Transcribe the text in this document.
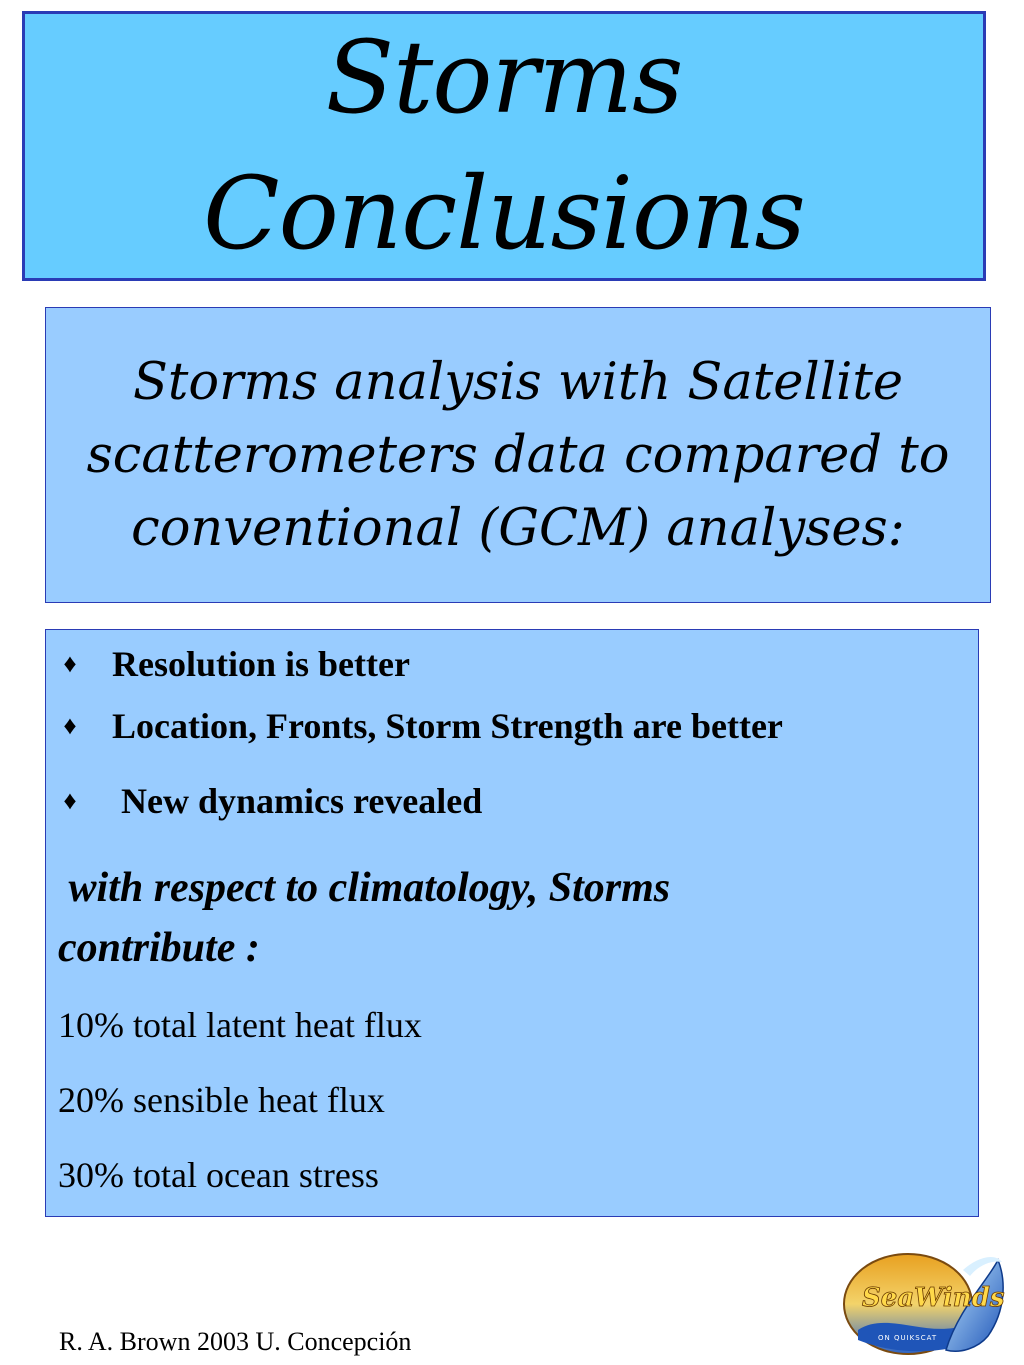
Storms
Conclusions
Storms analysis with Satellite scatterometers data compared to conventional (GCM) analyses:
♦ Resolution is better
♦ Location, Fronts, Storm Strength are better
♦ New dynamics revealed
with respect to climatology, Storms contribute :
10% total latent heat flux
20% sensible heat flux
30% total ocean stress
R. A. Brown 2003 U. Concepción
SeaWinds
ON QUIKSCAT
